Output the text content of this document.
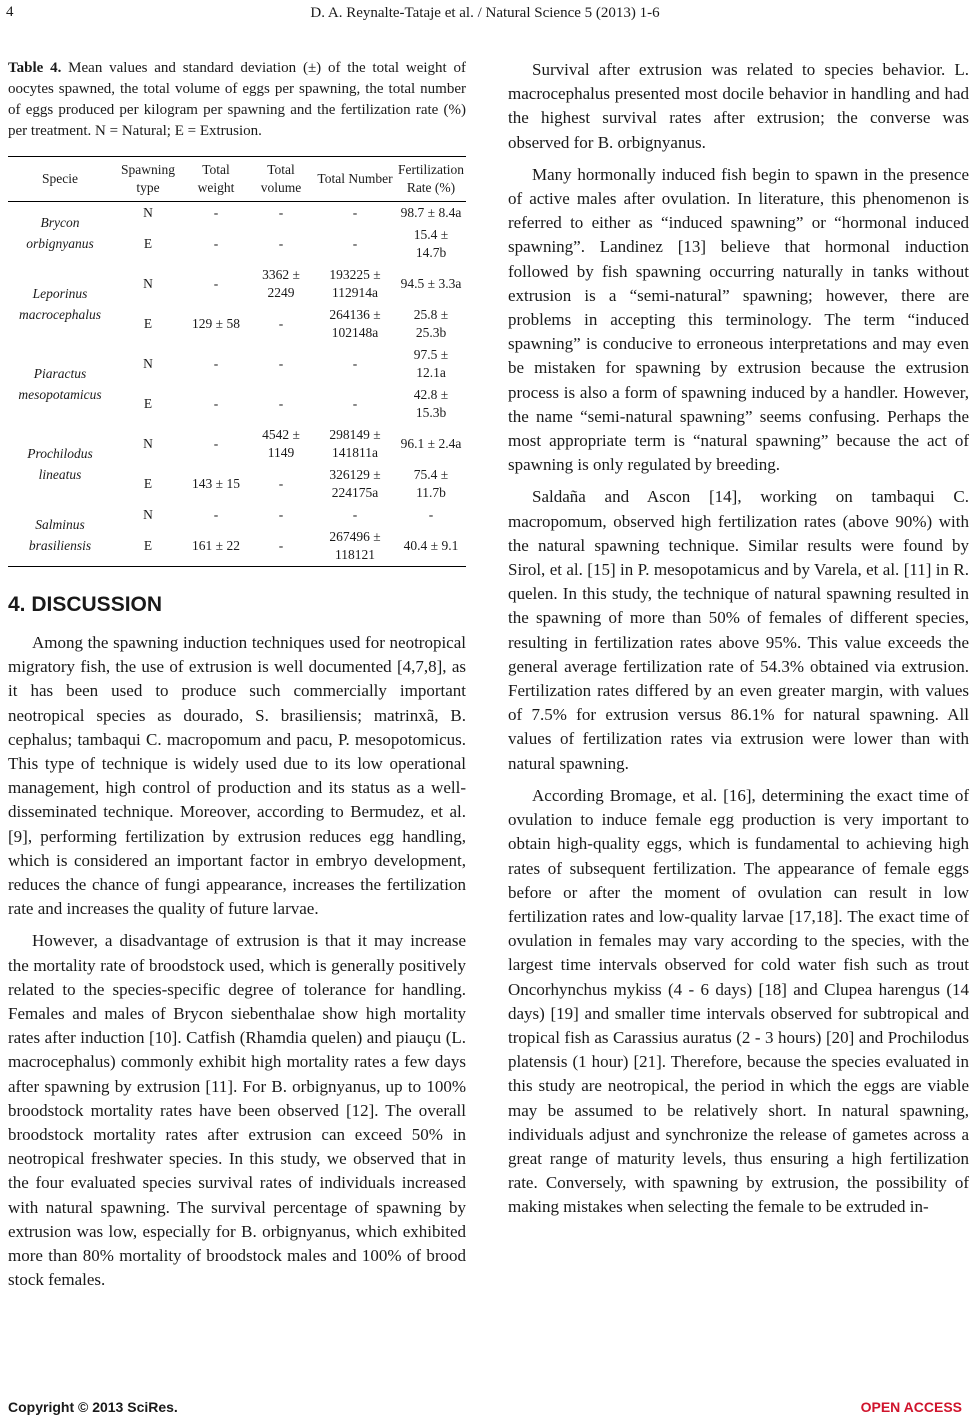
4	D. A. Reynalte-Tataje et al. / Natural Science 5 (2013) 1-6
Table 4. Mean values and standard deviation (±) of the total weight of oocytes spawned, the total volume of eggs per spawning, the total number of eggs produced per kilogram per spawning and the fertilization rate (%) per treatment. N = Natural; E = Extrusion.
Specie	Spawning type	Total weight	Total volume	Total Number	Fertilization Rate (%)
Brycon orbignyanus	N	-	-	-	98.7 ± 8.4a
	E	-	-	-	15.4 ± 14.7b
Leporinus macrocephalus	N	-	3362 ± 2249	193225 ± 112914a	94.5 ± 3.3a
	E	129 ± 58	-	264136 ± 102148a	25.8 ± 25.3b
Piaractus mesopotamicus	N	-	-	-	97.5 ± 12.1a
	E	-	-	-	42.8 ± 15.3b
Prochilodus lineatus	N	-	4542 ± 1149	298149 ± 141811a	96.1 ± 2.4a
	E	143 ± 15	-	326129 ± 224175a	75.4 ± 11.7b
Salminus brasiliensis	N	-	-	-	-
	E	161 ± 22	-	267496 ± 118121	40.4 ± 9.1
4. DISCUSSION

Among the spawning induction techniques used for neotropical migratory fish, the use of extrusion is well documented [4,7,8], as it has been used to produce such commercially important neotropical species as dourado, S. brasiliensis; matrinxã, B. cephalus; tambaqui C. macropomum and pacu, P. mesopotomicus. This type of technique is widely used due to its low operational management, high control of production and its status as a well-disseminated technique. Moreover, according to Bermudez, et al. [9], performing fertilization by extrusion reduces egg handling, which is considered an important factor in embryo development, reduces the chance of fungi appearance, increases the fertilization rate and increases the quality of future larvae.

However, a disadvantage of extrusion is that it may increase the mortality rate of broodstock used, which is generally positively related to the species-specific degree of tolerance for handling. Females and males of Brycon siebenthalae show high mortality rates after induction [10]. Catfish (Rhamdia quelen) and piauçu (L. macrocephalus) commonly exhibit high mortality rates a few days after spawning by extrusion [11]. For B. orbignyanus, up to 100% broodstock mortality rates have been observed [12]. The overall broodstock mortality rates after extrusion can exceed 50% in neotropical freshwater species. In this study, we observed that in the four evaluated species survival rates of individuals increased with natural spawning. The survival percentage of spawning by extrusion was low, especially for B. orbignyanus, which exhibited more than 80% mortality of broodstock males and 100% of brood stock females.

Survival after extrusion was related to species behavior. L. macrocephalus presented most docile behavior in handling and had the highest survival rates after extrusion; the converse was observed for B. orbignyanus.

Many hormonally induced fish begin to spawn in the presence of active males after ovulation. In literature, this phenomenon is referred to either as “induced spawning” or “hormonal induced spawning”. Landinez [13] believe that hormonal induction followed by fish spawning occurring naturally in tanks without extrusion is a “semi-natural” spawning; however, there are problems in accepting this terminology. The term “induced spawning” is conducive to erroneous interpretations and may even be mistaken for spawning by extrusion because the extrusion process is also a form of spawning induced by a handler. However, the name “semi-natural spawning” seems confusing. Perhaps the most appropriate term is “natural spawning” because the act of spawning is only regulated by breeding.

Saldaña and Ascon [14], working on tambaqui C. macropomum, observed high fertilization rates (above 90%) with the natural spawning technique. Similar results were found by Sirol, et al. [15] in P. mesopotamicus and by Varela, et al. [11] in R. quelen. In this study, the technique of natural spawning resulted in the spawning of more than 50% of females of different species, resulting in fertilization rates above 95%. This value exceeds the general average fertilization rate of 54.3% obtained via extrusion. Fertilization rates differed by an even greater margin, with values of 7.5% for extrusion versus 86.1% for natural spawning. All values of fertilization rates via extrusion were lower than with natural spawning.

According Bromage, et al. [16], determining the exact time of ovulation to induce female egg production is very important to obtain high-quality eggs, which is fundamental to achieving high rates of subsequent fertilization. The appearance of female eggs before or after the moment of ovulation can result in low fertilization rates and low-quality larvae [17,18]. The exact time of ovulation in females may vary according to the species, with the largest time intervals observed for cold water fish such as trout Oncorhynchus mykiss (4 - 6 days) [18] and Clupea harengus (14 days) [19] and smaller time intervals observed for subtropical and tropical fish as Carassius auratus (2 - 3 hours) [20] and Prochilodus platensis (1 hour) [21]. Therefore, because the species evaluated in this study are neotropical, the period in which the eggs are viable may be assumed to be relatively short. In natural spawning, individuals adjust and synchronize the release of gametes across a great range of maturity levels, thus ensuring a high fertilization rate. Conversely, with spawning by extrusion, the possibility of making mistakes when selecting the female to be extruded in-

Copyright © 2013 SciRes.	OPEN ACCESS
